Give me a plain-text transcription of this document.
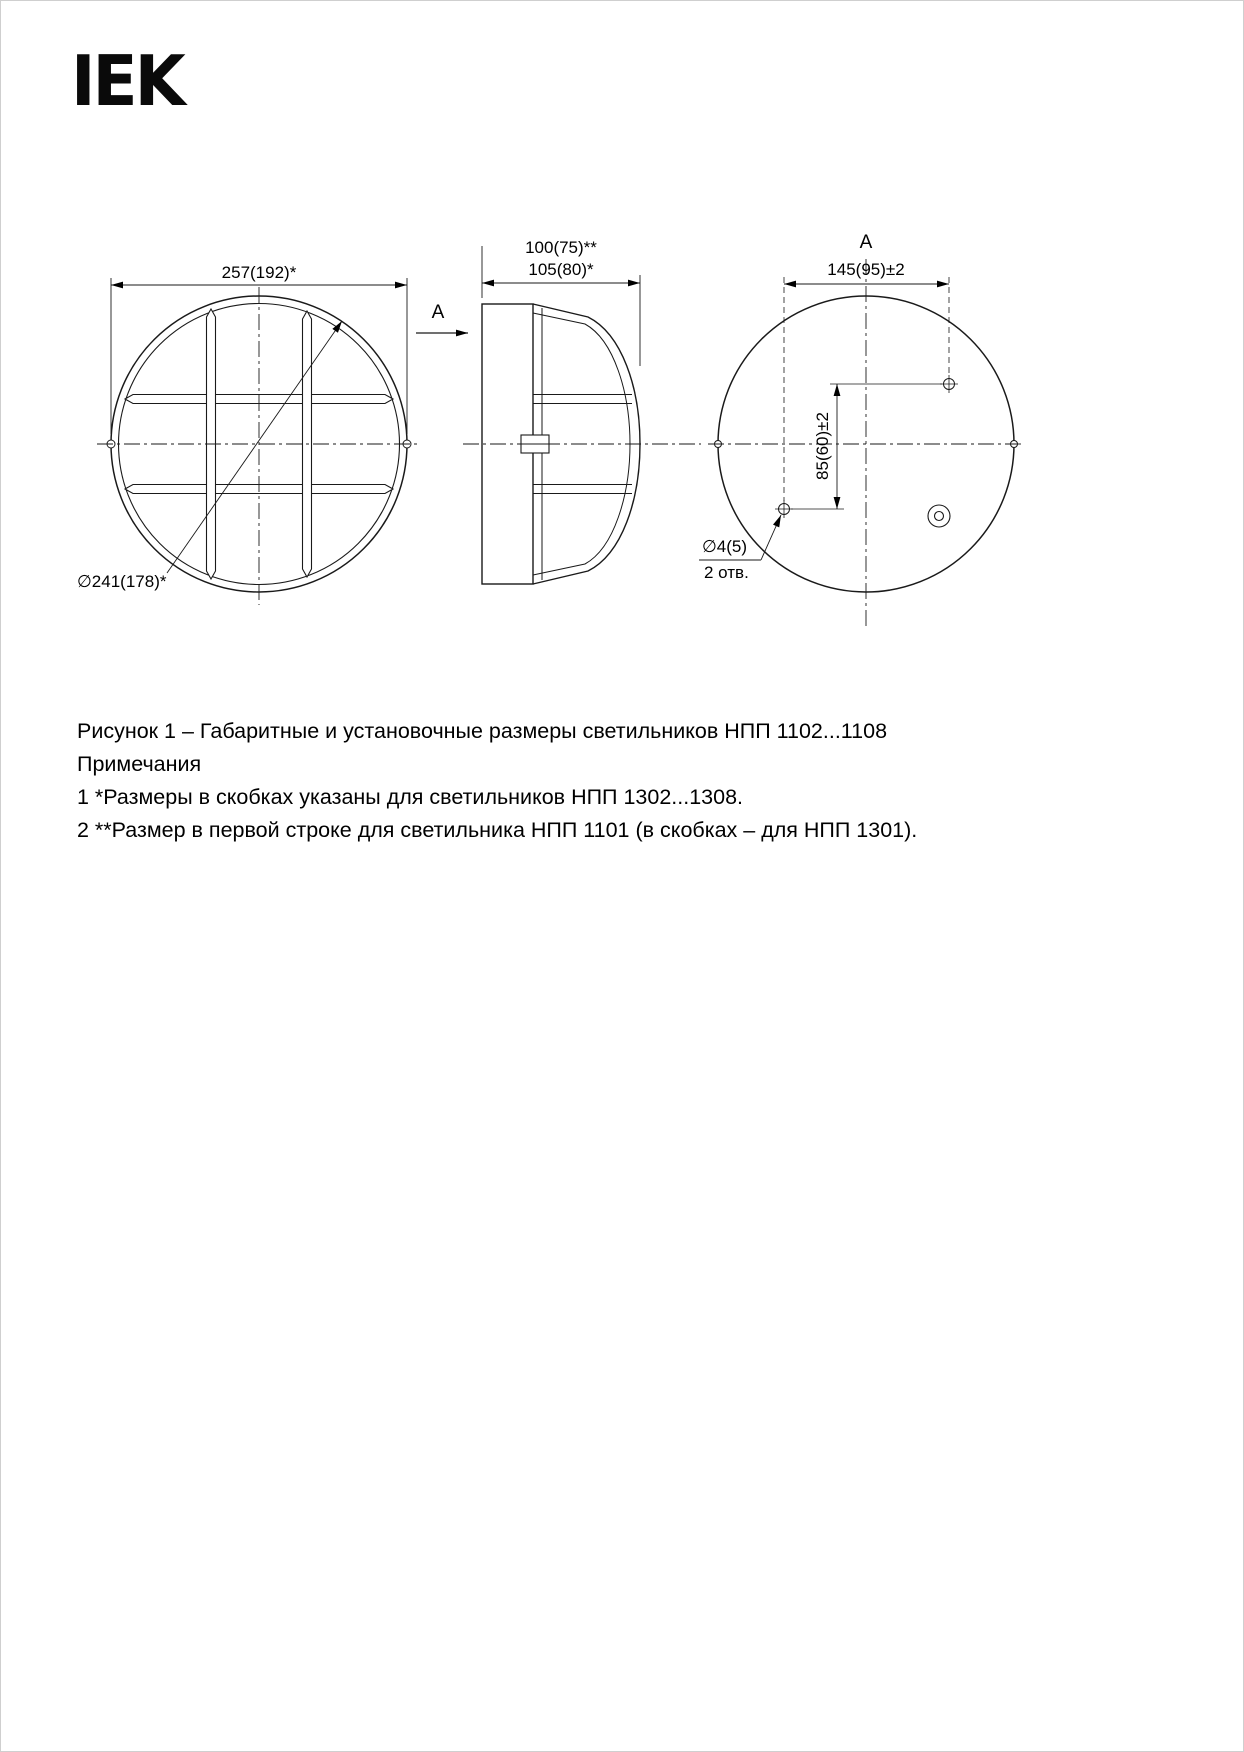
IEK
257(192)*
∅241(178)*
100(75)**
105(80)*
А
А
145(95)±2
85(60)±2
∅4(5)
2 отв.

Рисунок 1 – Габаритные и установочные размеры светильников НПП 1102...1108

Примечания

1 *Размеры в скобках указаны для светильников НПП 1302...1308.

2 **Размер в первой строке для светильника НПП 1101 (в скобках – для НПП 1301).
